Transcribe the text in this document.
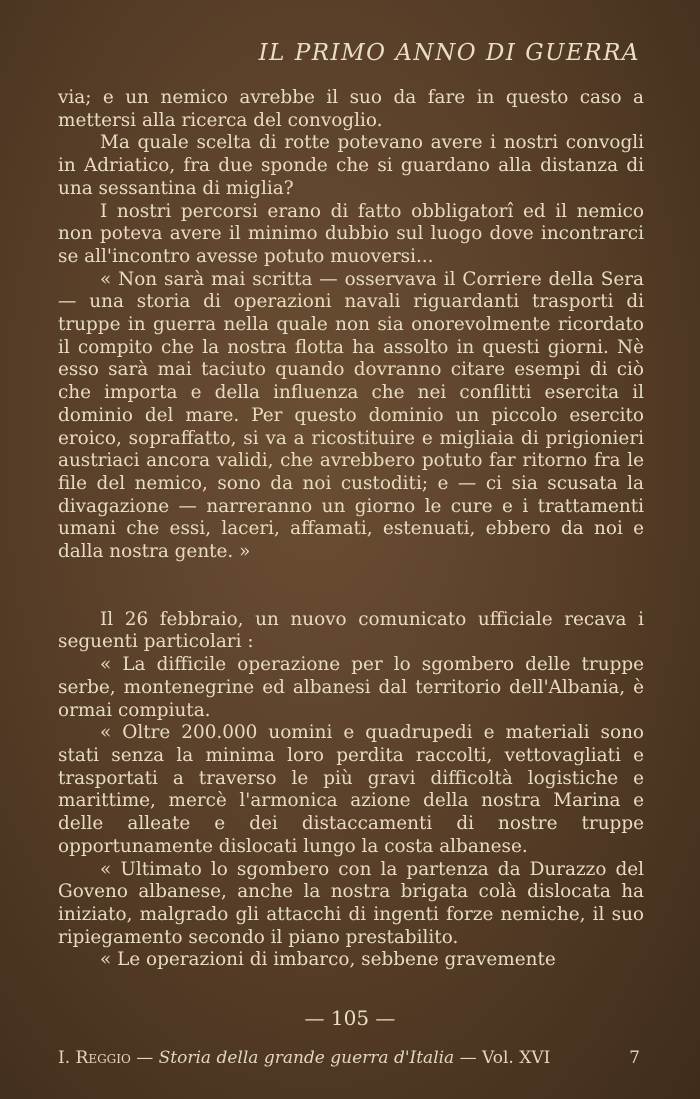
IL PRIMO ANNO DI GUERRA

via; e un nemico avrebbe il suo da fare in questo caso a mettersi alla ricerca del convoglio.

Ma quale scelta di rotte potevano avere i nostri convogli in Adriatico, fra due sponde che si guardano alla distanza di una sessantina di miglia?

I nostri percorsi erano di fatto obbligatorî ed il nemico non poteva avere il minimo dubbio sul luogo dove incontrarci se all'incontro avesse potuto muoversi...

« Non sarà mai scritta — osservava il Corriere della Sera — una storia di operazioni navali riguardanti trasporti di truppe in guerra nella quale non sia onorevolmente ricordato il compito che la nostra flotta ha assolto in questi giorni. Nè esso sarà mai taciuto quando dovranno citare esempi di ciò che importa e della influenza che nei conflitti esercita il dominio del mare. Per questo dominio un piccolo esercito eroico, sopraffatto, si va a ricostituire e migliaia di prigionieri austriaci ancora validi, che avrebbero potuto far ritorno fra le file del nemico, sono da noi custoditi; e — ci sia scusata la divagazione — narreranno un giorno le cure e i trattamenti umani che essi, laceri, affamati, estenuati, ebbero da noi e dalla nostra gente. »

Il 26 febbraio, un nuovo comunicato ufficiale recava i seguenti particolari :

« La difficile operazione per lo sgombero delle truppe serbe, montenegrine ed albanesi dal territorio dell'Albania, è ormai compiuta.

« Oltre 200.000 uomini e quadrupedi e materiali sono stati senza la minima loro perdita raccolti, vettovagliati e trasportati a traverso le più gravi difficoltà logistiche e marittime, mercè l'armonica azione della nostra Marina e delle alleate e dei distaccamenti di nostre truppe opportunamente dislocati lungo la costa albanese.

« Ultimato lo sgombero con la partenza da Durazzo del Goveno albanese, anche la nostra brigata colà dislocata ha iniziato, malgrado gli attacchi di ingenti forze nemiche, il suo ripiegamento secondo il piano prestabilito.

« Le operazioni di imbarco, sebbene gravemente

— 105 —
I. Reggio — Storia della grande guerra d'Italia — Vol. XVI	7
